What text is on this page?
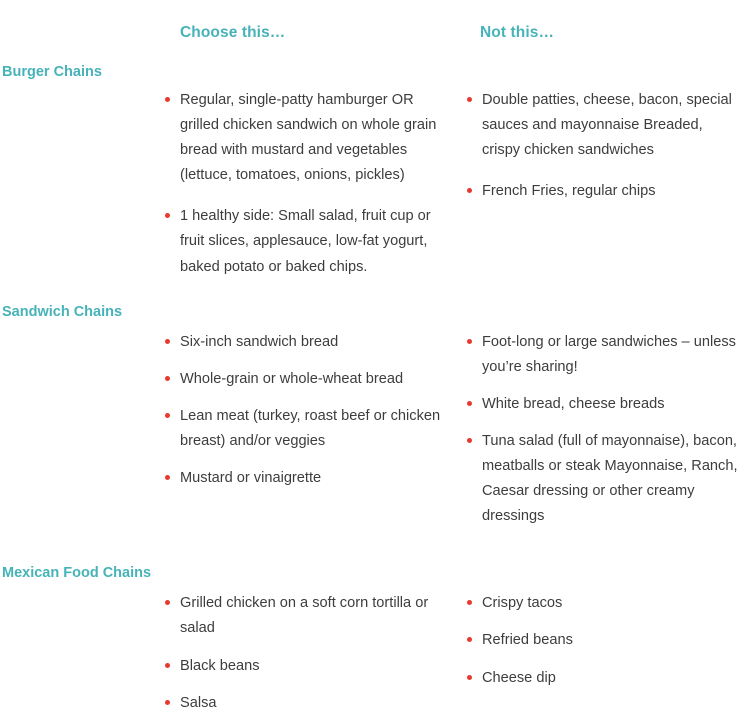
Choose this…	Not this…
Burger Chains
Regular, single-patty hamburger OR grilled chicken sandwich on whole grain bread with mustard and vegetables (lettuce, tomatoes, onions, pickles)
1 healthy side: Small salad, fruit cup or fruit slices, applesauce, low-fat yogurt, baked potato or baked chips.
Double patties, cheese, bacon, special sauces and mayonnaise Breaded, crispy chicken sandwiches
French Fries, regular chips
Sandwich Chains
Six-inch sandwich bread
Whole-grain or whole-wheat bread
Lean meat (turkey, roast beef or chicken breast) and/or veggies
Mustard or vinaigrette
Foot-long or large sandwiches – unless you’re sharing!
White bread, cheese breads
Tuna salad (full of mayonnaise), bacon, meatballs or steak Mayonnaise, Ranch, Caesar dressing or other creamy dressings
Mexican Food Chains
Grilled chicken on a soft corn tortilla or salad
Black beans
Salsa
Crispy tacos
Refried beans
Cheese dip
